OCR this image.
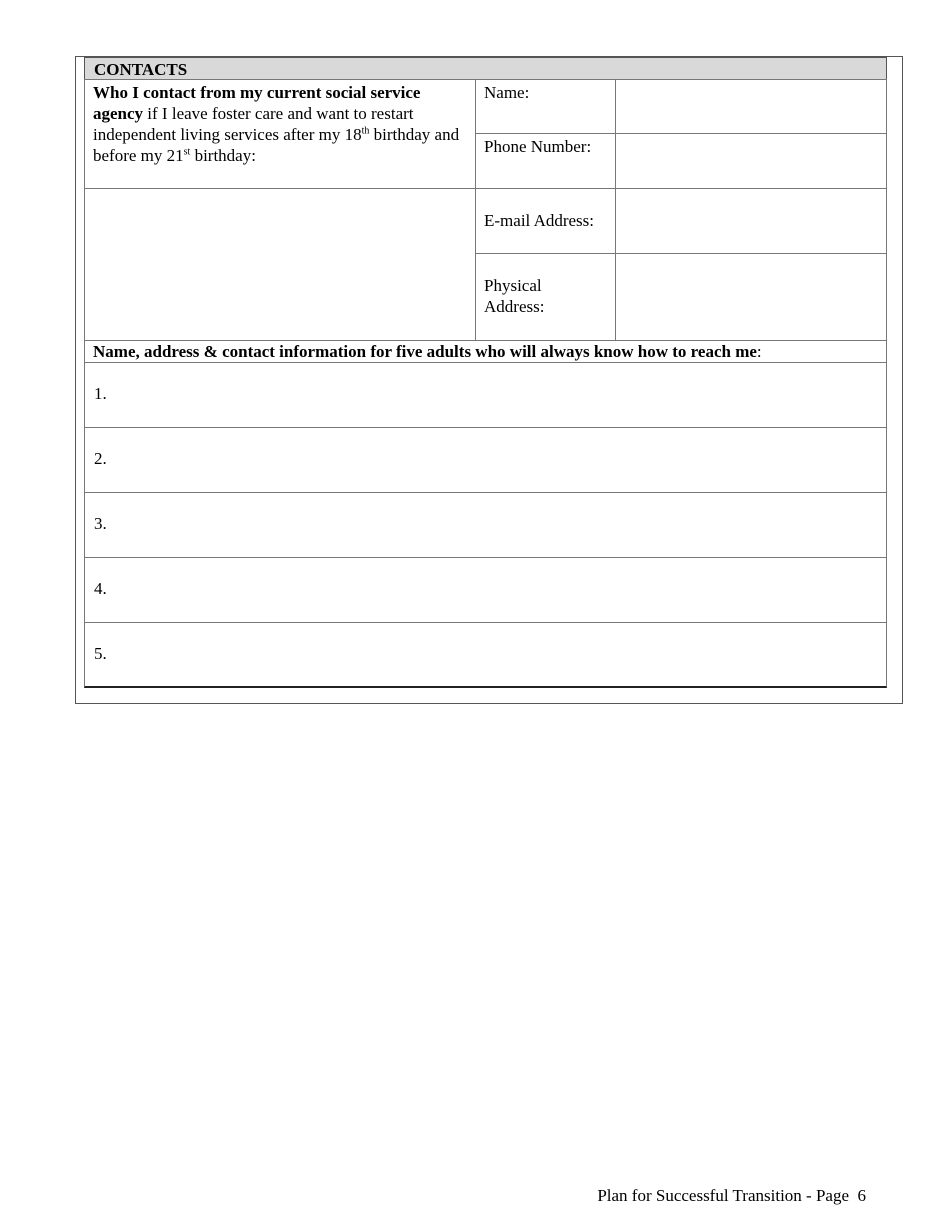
CONTACTS
Who I contact from my current social service agency if I leave foster care and want to restart independent living services after my 18th birthday and before my 21st birthday:
Name:
Phone Number:
E-mail Address:
Physical
Address:
Name, address & contact information for five adults who will always know how to reach me:
1.
2.
3.
4.
5.
Plan for Successful Transition - Page  6
